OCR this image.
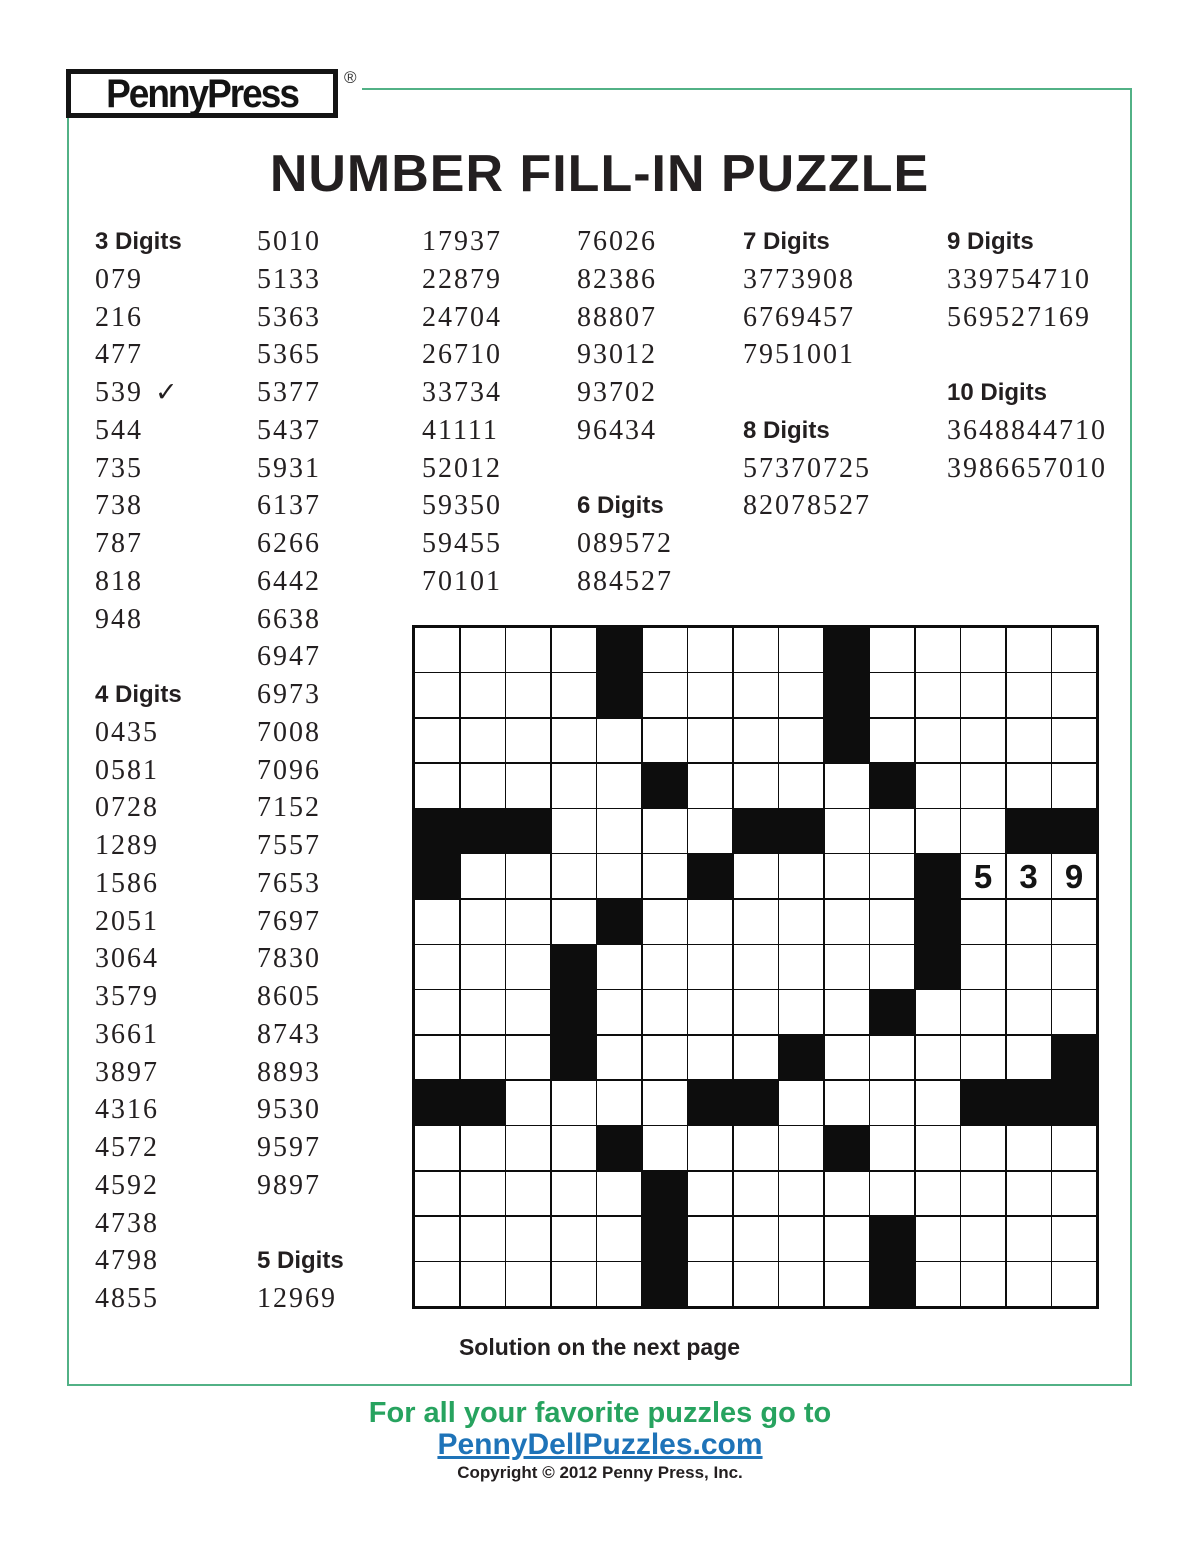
PennyPress	®
NUMBER FILL-IN PUZZLE
3 Digits
079
216
477
539 ✓
544
735
738
787
818
948

4 Digits
0435
0581
0728
1289
1586
2051
3064
3579
3661
3897
4316
4572
4592
4738
4798
4855
5010
5133
5363
5365
5377
5437
5931
6137
6266
6442
6638
6947
6973
7008
7096
7152
7557
7653
7697
7830
8605
8743
8893
9530
9597
9897

5 Digits
12969
17937
22879
24704
26710
33734
41111
52012
59350
59455
70101
76026
82386
88807
93012
93702
96434

6 Digits
089572
884527
7 Digits
3773908
6769457
7951001

8 Digits
57370725
82078527
9 Digits
339754710
569527169

10 Digits
3648844710
3986657010
5 3 9
Solution on the next page
For all your favorite puzzles go to
PennyDellPuzzles.com
Copyright © 2012 Penny Press, Inc.
